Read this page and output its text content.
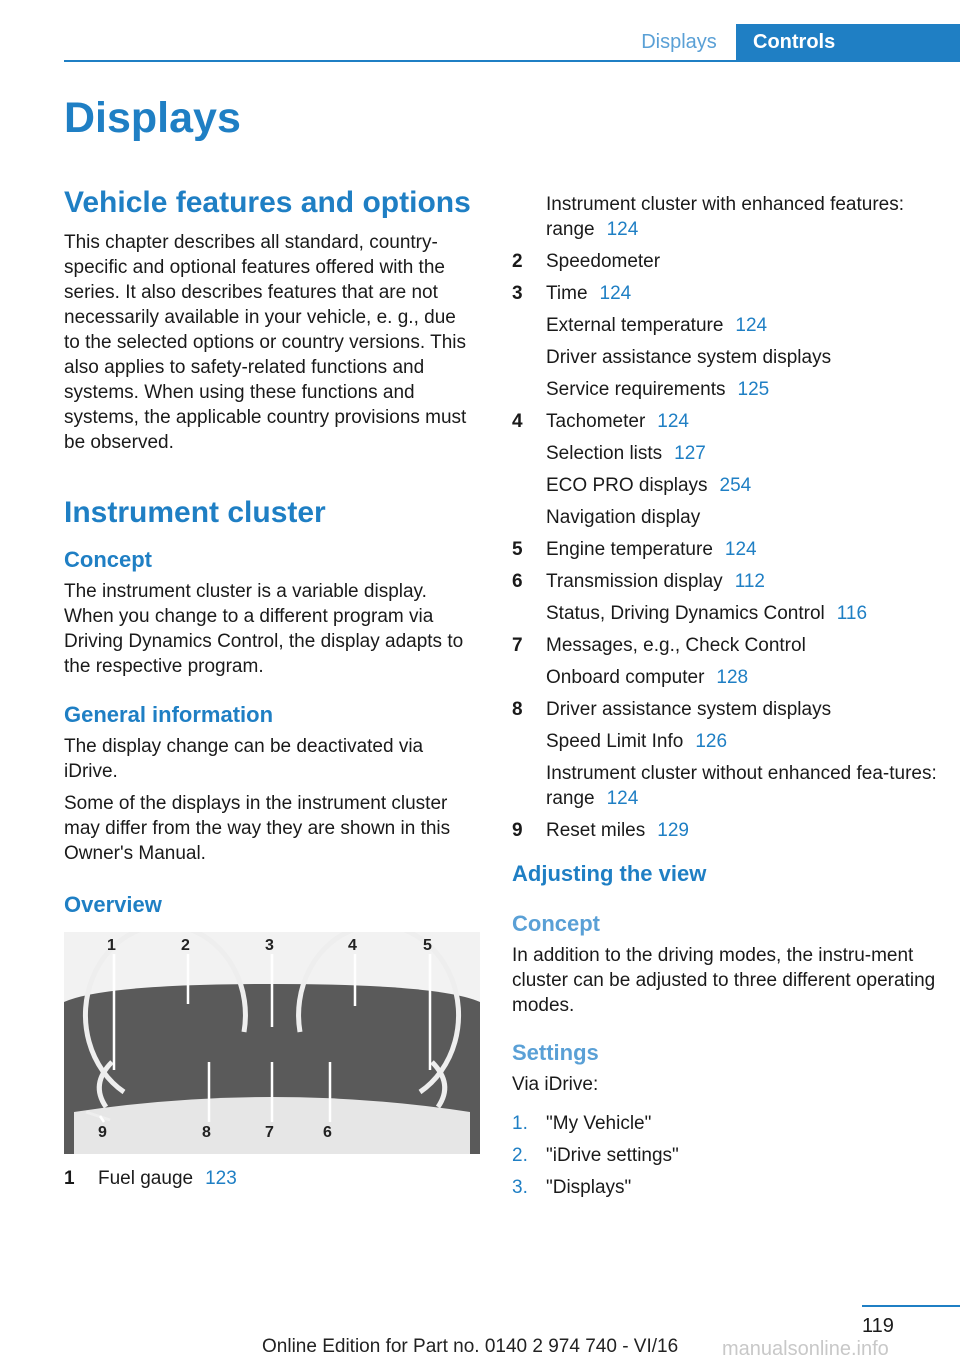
Displays	Controls
Displays
Vehicle features and options

This chapter describes all standard, country-specific and optional features offered with the series. It also describes features that are not necessarily available in your vehicle, e. g., due to the selected options or country versions. This also applies to safety-related functions and systems. When using these functions and systems, the applicable country provisions must be observed.

Instrument cluster
Concept

The instrument cluster is a variable display. When you change to a different program via Driving Dynamics Control, the display adapts to the respective program.

General information

The display change can be deactivated via iDrive.

Some of the displays in the instrument cluster may differ from the way they are shown in this Owner's Manual.

Overview
1	2	3	4	5
9	8	7	6
1	Fuel gauge 123
Instrument cluster with enhanced features: range 124
2	Speedometer
3	Time 124
External temperature 124
Driver assistance system displays
Service requirements 125
4	Tachometer 124
Selection lists 127
ECO PRO displays 254
Navigation display
5	Engine temperature 124
6	Transmission display 112
Status, Driving Dynamics Control 116
7	Messages, e.g., Check Control
Onboard computer 128
8	Driver assistance system displays
Speed Limit Info 126
Instrument cluster without enhanced fea-tures: range 124
9	Reset miles 129
Adjusting the view
Concept

In addition to the driving modes, the instru-ment cluster can be adjusted to three different operating modes.

Settings

Via iDrive:

1. "My Vehicle"
2. "iDrive settings"
3. "Displays"
119
Online Edition for Part no. 0140 2 974 740 - VI/16 manualsonline.info
